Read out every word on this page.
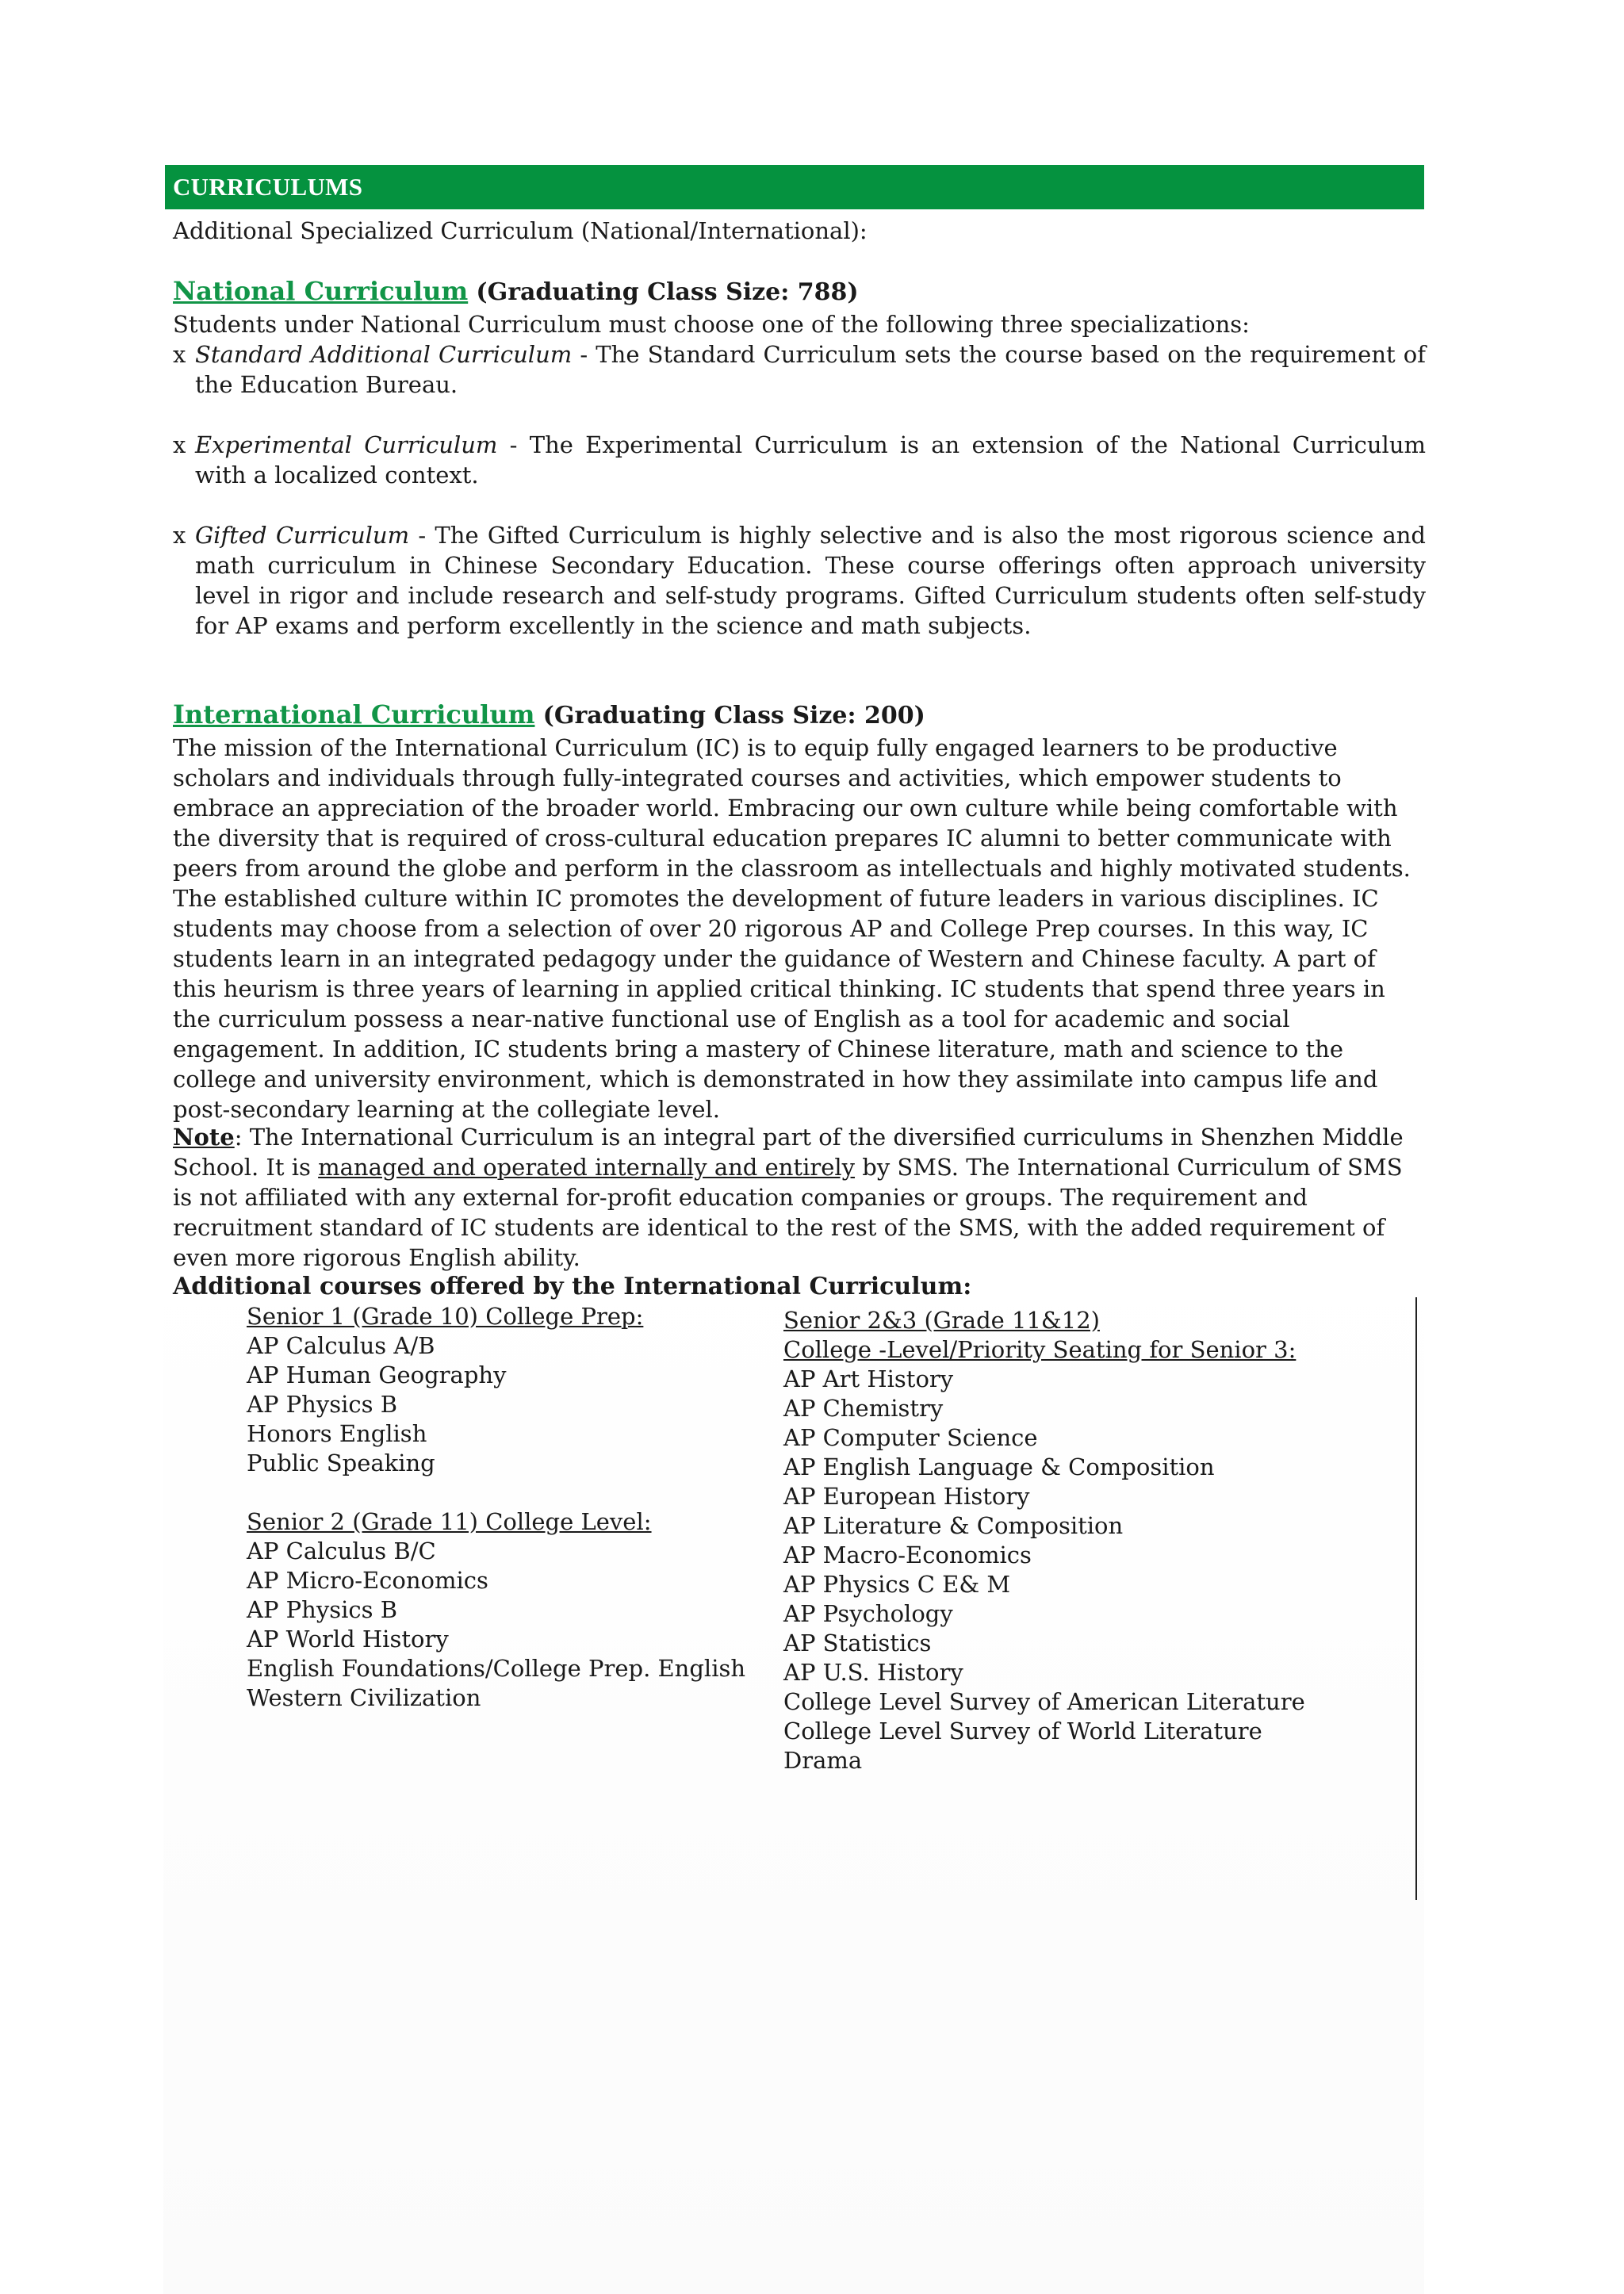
CURRICULUMS
Additional Specialized Curriculum (National/International):
National Curriculum (Graduating Class Size: 788)
Students under National Curriculum must choose one of the following three specializations:
x Standard Additional Curriculum - The Standard Curriculum sets the course based on the requirement of the Education Bureau.
x Experimental Curriculum - The Experimental Curriculum is an extension of the National Curriculum with a localized context.
x Gifted Curriculum - The Gifted Curriculum is highly selective and is also the most rigorous science and math curriculum in Chinese Secondary Education. These course offerings often approach university level in rigor and include research and self-study programs. Gifted Curriculum students often self-study for AP exams and perform excellently in the science and math subjects.
International Curriculum (Graduating Class Size: 200)
The mission of the International Curriculum (IC) is to equip fully engaged learners to be productive scholars and individuals through fully-integrated courses and activities, which empower students to embrace an appreciation of the broader world. Embracing our own culture while being comfortable with the diversity that is required of cross-cultural education prepares IC alumni to better communicate with peers from around the globe and perform in the classroom as intellectuals and highly motivated students. The established culture within IC promotes the development of future leaders in various disciplines. IC students may choose from a selection of over 20 rigorous AP and College Prep courses. In this way, IC students learn in an integrated pedagogy under the guidance of Western and Chinese faculty. A part of this heurism is three years of learning in applied critical thinking. IC students that spend three years in the curriculum possess a near-native functional use of English as a tool for academic and social engagement. In addition, IC students bring a mastery of Chinese literature, math and science to the college and university environment, which is demonstrated in how they assimilate into campus life and post-secondary learning at the collegiate level.
Note: The International Curriculum is an integral part of the diversified curriculums in Shenzhen Middle School. It is managed and operated internally and entirely by SMS. The International Curriculum of SMS is not affiliated with any external for-profit education companies or groups. The requirement and recruitment standard of IC students are identical to the rest of the SMS, with the added requirement of even more rigorous English ability.
Additional courses offered by the International Curriculum:
Senior 1 (Grade 10) College Prep:
AP Calculus A/B
AP Human Geography
AP Physics B
Honors English
Public Speaking
Senior 2 (Grade 11) College Level:
AP Calculus B/C
AP Micro-Economics
AP Physics B
AP World History
English Foundations/College Prep. English
Western Civilization
Senior 2&3 (Grade 11&12)
College -Level/Priority Seating for Senior 3:
AP Art History
AP Chemistry
AP Computer Science
AP English Language & Composition
AP European History
AP Literature & Composition
AP Macro-Economics
AP Physics C E& M
AP Psychology
AP Statistics
AP U.S. History
College Level Survey of American Literature
College Level Survey of World Literature
Drama
